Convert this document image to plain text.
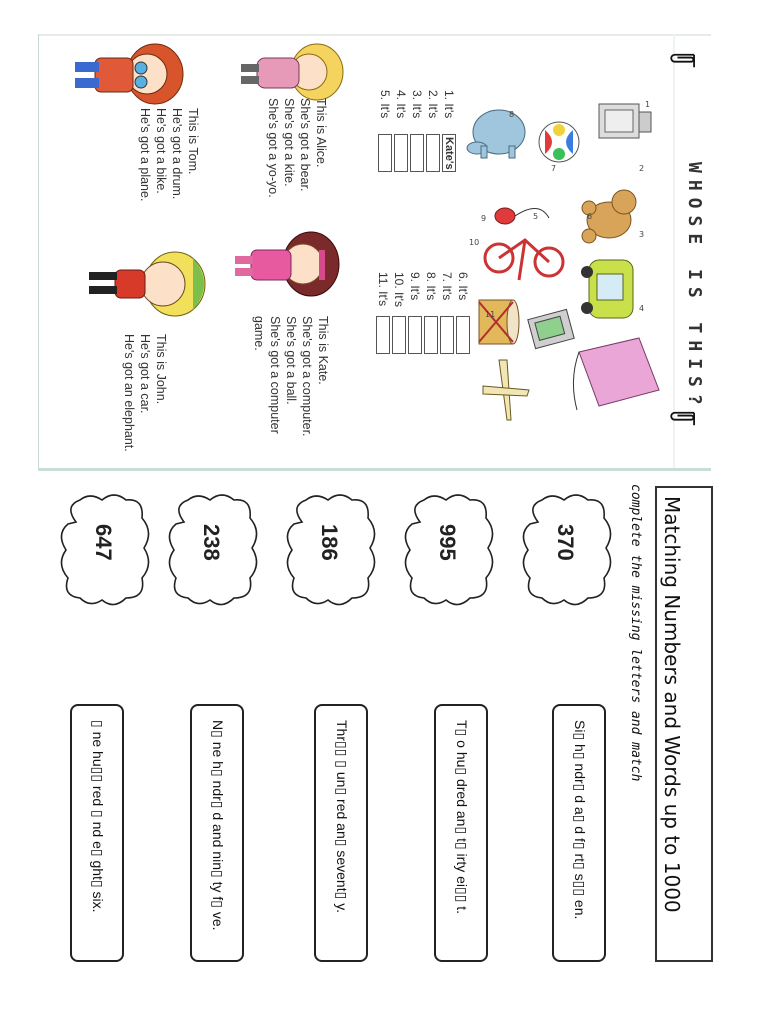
WHOSE IS THIS?
1
2
3
4
5	6
7
8
9
10
11
1. It's
Kate's
2. It's
3. It's
4. It's
5. It's
6. It's
7. It's
8. It's
9. It's
10. It's
11. It's
This is Alice.
She's got a bear.
She's got a kite.
She's got a yo-yo.
This is Kate.
She's got a computer.
She's got a ball.
She's got a computer
game.
This is Tom.
He's got a drum.
He's got a bike.
He's got a plane.
This is John.
He's got a car.
He's got an elephant.
Matching Numbers and Words up to 1000
complete the missing letters and match
370
995
186
238
647
Si▯ h▯ ndr▯ d a▯ d f▯ rt▯ s▯▯ en.
T▯ o hu▯ dred an▯ t▯ irty ei▯▯ t.
Thr▯▯ ▯ un▯ red an▯ sevent▯ y.
N▯ ne h▯ ndr▯ d and nin▯ ty f▯ ve.
▯ ne hu▯▯ red ▯ nd e▯ ght▯ six.
